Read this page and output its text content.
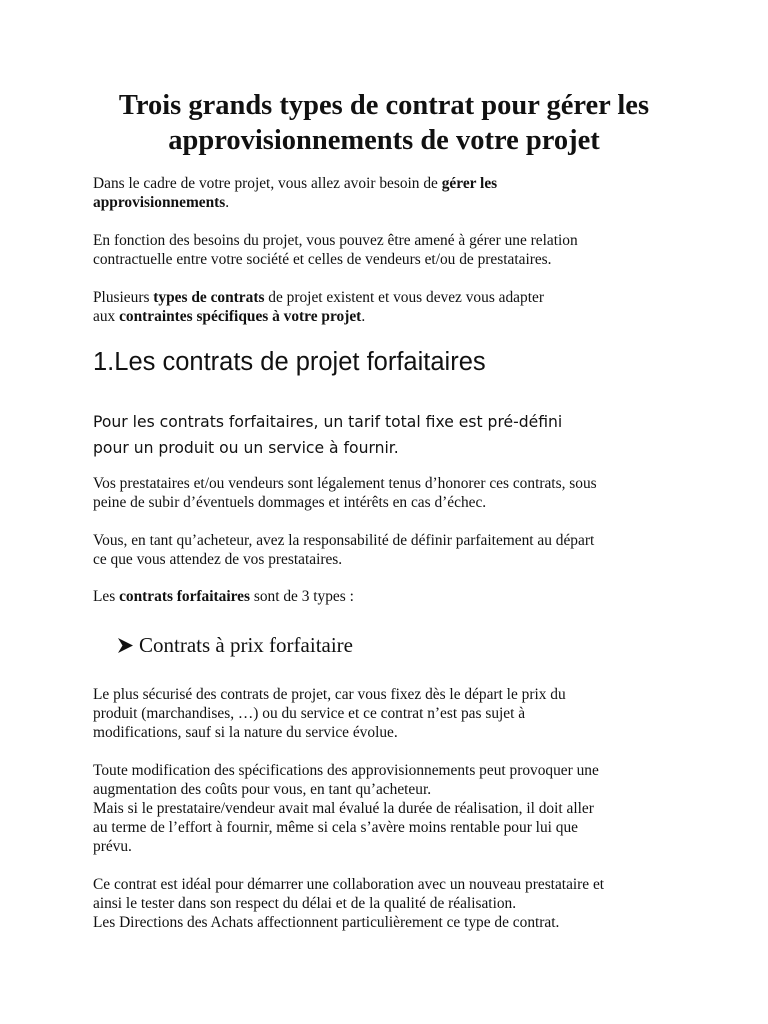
Trois grands types de contrat pour gérer les
approvisionnements de votre projet

Dans le cadre de votre projet, vous allez avoir besoin de gérer les
approvisionnements.

En fonction des besoins du projet, vous pouvez être amené à gérer une relation
contractuelle entre votre société et celles de vendeurs et/ou de prestataires.

Plusieurs types de contrats de projet existent et vous devez vous adapter
aux contraintes spécifiques à votre projet.

1.Les contrats de projet forfaitaires

Pour les contrats forfaitaires, un tarif total fixe est pré-défini
pour un produit ou un service à fournir.

Vos prestataires et/ou vendeurs sont légalement tenus d’honorer ces contrats, sous
peine de subir d’éventuels dommages et intérêts en cas d’échec.

Vous, en tant qu’acheteur, avez la responsabilité de définir parfaitement au départ
ce que vous attendez de vos prestataires.

Les contrats forfaitaires sont de 3 types :

Contrats à prix forfaitaire

Le plus sécurisé des contrats de projet, car vous fixez dès le départ le prix du
produit (marchandises, …) ou du service et ce contrat n’est pas sujet à
modifications, sauf si la nature du service évolue.

Toute modification des spécifications des approvisionnements peut provoquer une
augmentation des coûts pour vous, en tant qu’acheteur.
Mais si le prestataire/vendeur avait mal évalué la durée de réalisation, il doit aller
au terme de l’effort à fournir, même si cela s’avère moins rentable pour lui que
prévu.

Ce contrat est idéal pour démarrer une collaboration avec un nouveau prestataire et
ainsi le tester dans son respect du délai et de la qualité de réalisation.
Les Directions des Achats affectionnent particulièrement ce type de contrat.
